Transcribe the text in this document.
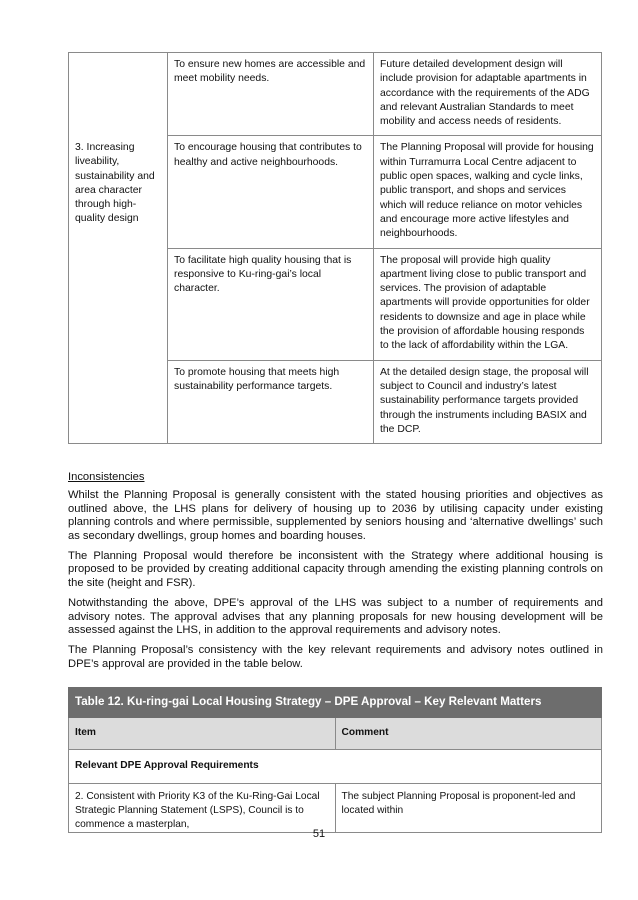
	To ensure new homes are accessible and meet mobility needs.	Future detailed development design will include provision for adaptable apartments in accordance with the requirements of the ADG and relevant Australian Standards to meet mobility and access needs of residents.
3. Increasing liveability, sustainability and area character through high-quality design	To encourage housing that contributes to healthy and active neighbourhoods.	The Planning Proposal will provide for housing within Turramurra Local Centre adjacent to public open spaces, walking and cycle links, public transport, and shops and services which will reduce reliance on motor vehicles and encourage more active lifestyles and neighbourhoods.
	To facilitate high quality housing that is responsive to Ku-ring-gai’s local character.	The proposal will provide high quality apartment living close to public transport and services. The provision of adaptable apartments will provide opportunities for older residents to downsize and age in place while the provision of affordable housing responds to the lack of affordability within the LGA.
	To promote housing that meets high sustainability performance targets.	At the detailed design stage, the proposal will subject to Council and industry’s latest sustainability performance targets provided through the instruments including BASIX and the DCP.
Inconsistencies

Whilst the Planning Proposal is generally consistent with the stated housing priorities and objectives as outlined above, the LHS plans for delivery of housing up to 2036 by utilising capacity under existing planning controls and where permissible, supplemented by seniors housing and ‘alternative dwellings’ such as secondary dwellings, group homes and boarding houses.

The Planning Proposal would therefore be inconsistent with the Strategy where additional housing is proposed to be provided by creating additional capacity through amending the existing planning controls on the site (height and FSR).

Notwithstanding the above, DPE’s approval of the LHS was subject to a number of requirements and advisory notes. The approval advises that any planning proposals for new housing development will be assessed against the LHS, in addition to the approval requirements and advisory notes.

The Planning Proposal’s consistency with the key relevant requirements and advisory notes outlined in DPE’s approval are provided in the table below.

Table 12. Ku-ring-gai Local Housing Strategy – DPE Approval – Key Relevant Matters	
Item	Comment
Relevant DPE Approval Requirements	
2. Consistent with Priority K3 of the Ku-Ring-Gai Local Strategic Planning Statement (LSPS), Council is to commence a masterplan,	The subject Planning Proposal is proponent-led and located within
51
